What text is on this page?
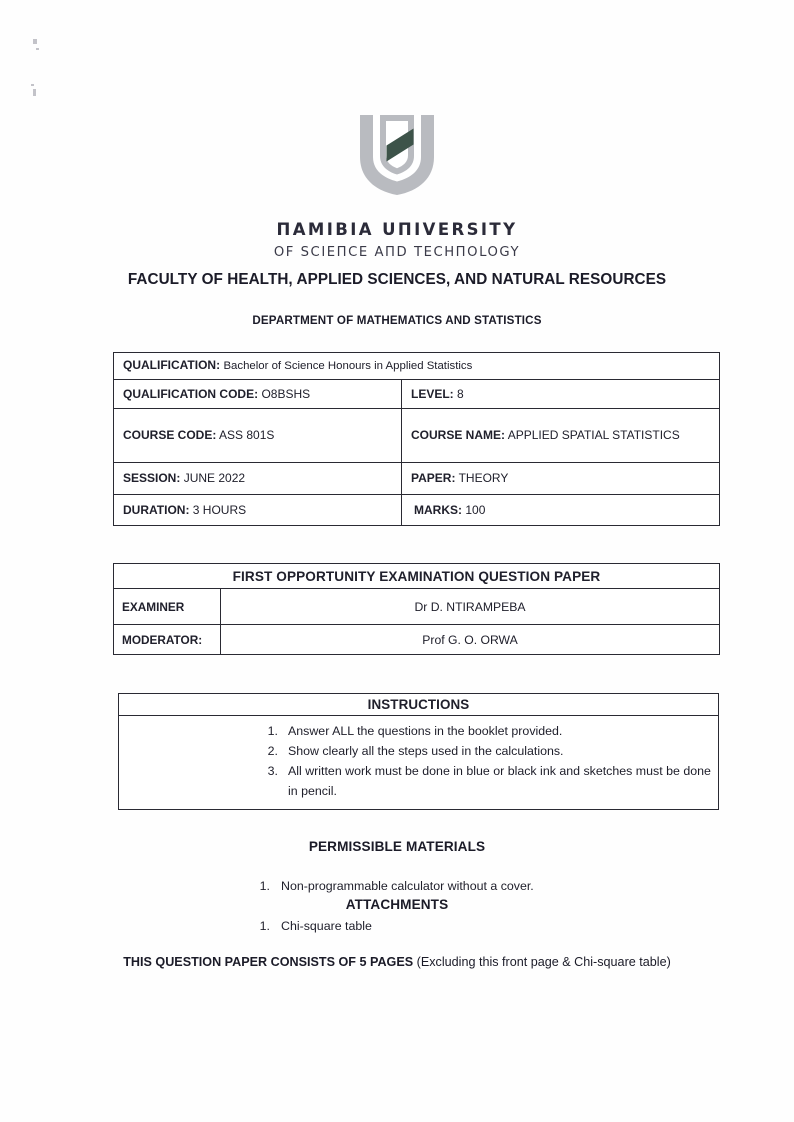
ΠAMIBIA UΠIVERSITY
OF SCIEΠCE AΠD TECHΠOLOGY
FACULTY OF HEALTH, APPLIED SCIENCES, AND NATURAL RESOURCES
DEPARTMENT OF MATHEMATICS AND STATISTICS
QUALIFICATION: Bachelor of Science Honours in Applied Statistics	

QUALIFICATION CODE: O8BSHS	LEVEL: 8

COURSE CODE: ASS 801S	COURSE NAME: APPLIED SPATIAL STATISTICS

SESSION: JUNE 2022	PAPER: THEORY

DURATION: 3 HOURS	MARKS: 100
FIRST OPPORTUNITY EXAMINATION QUESTION PAPER	
EXAMINER	Dr D. NTIRAMPEBA
MODERATOR:	Prof G. O. ORWA
INSTRUCTIONS

1. Answer ALL the questions in the booklet provided.
2. Show clearly all the steps used in the calculations.
3. All written work must be done in blue or black ink and sketches must be done in pencil.
PERMISSIBLE MATERIALS
1. Non-programmable calculator without a cover.
ATTACHMENTS
1. Chi-square table
THIS QUESTION PAPER CONSISTS OF 5 PAGES (Excluding this front page & Chi-square table)
